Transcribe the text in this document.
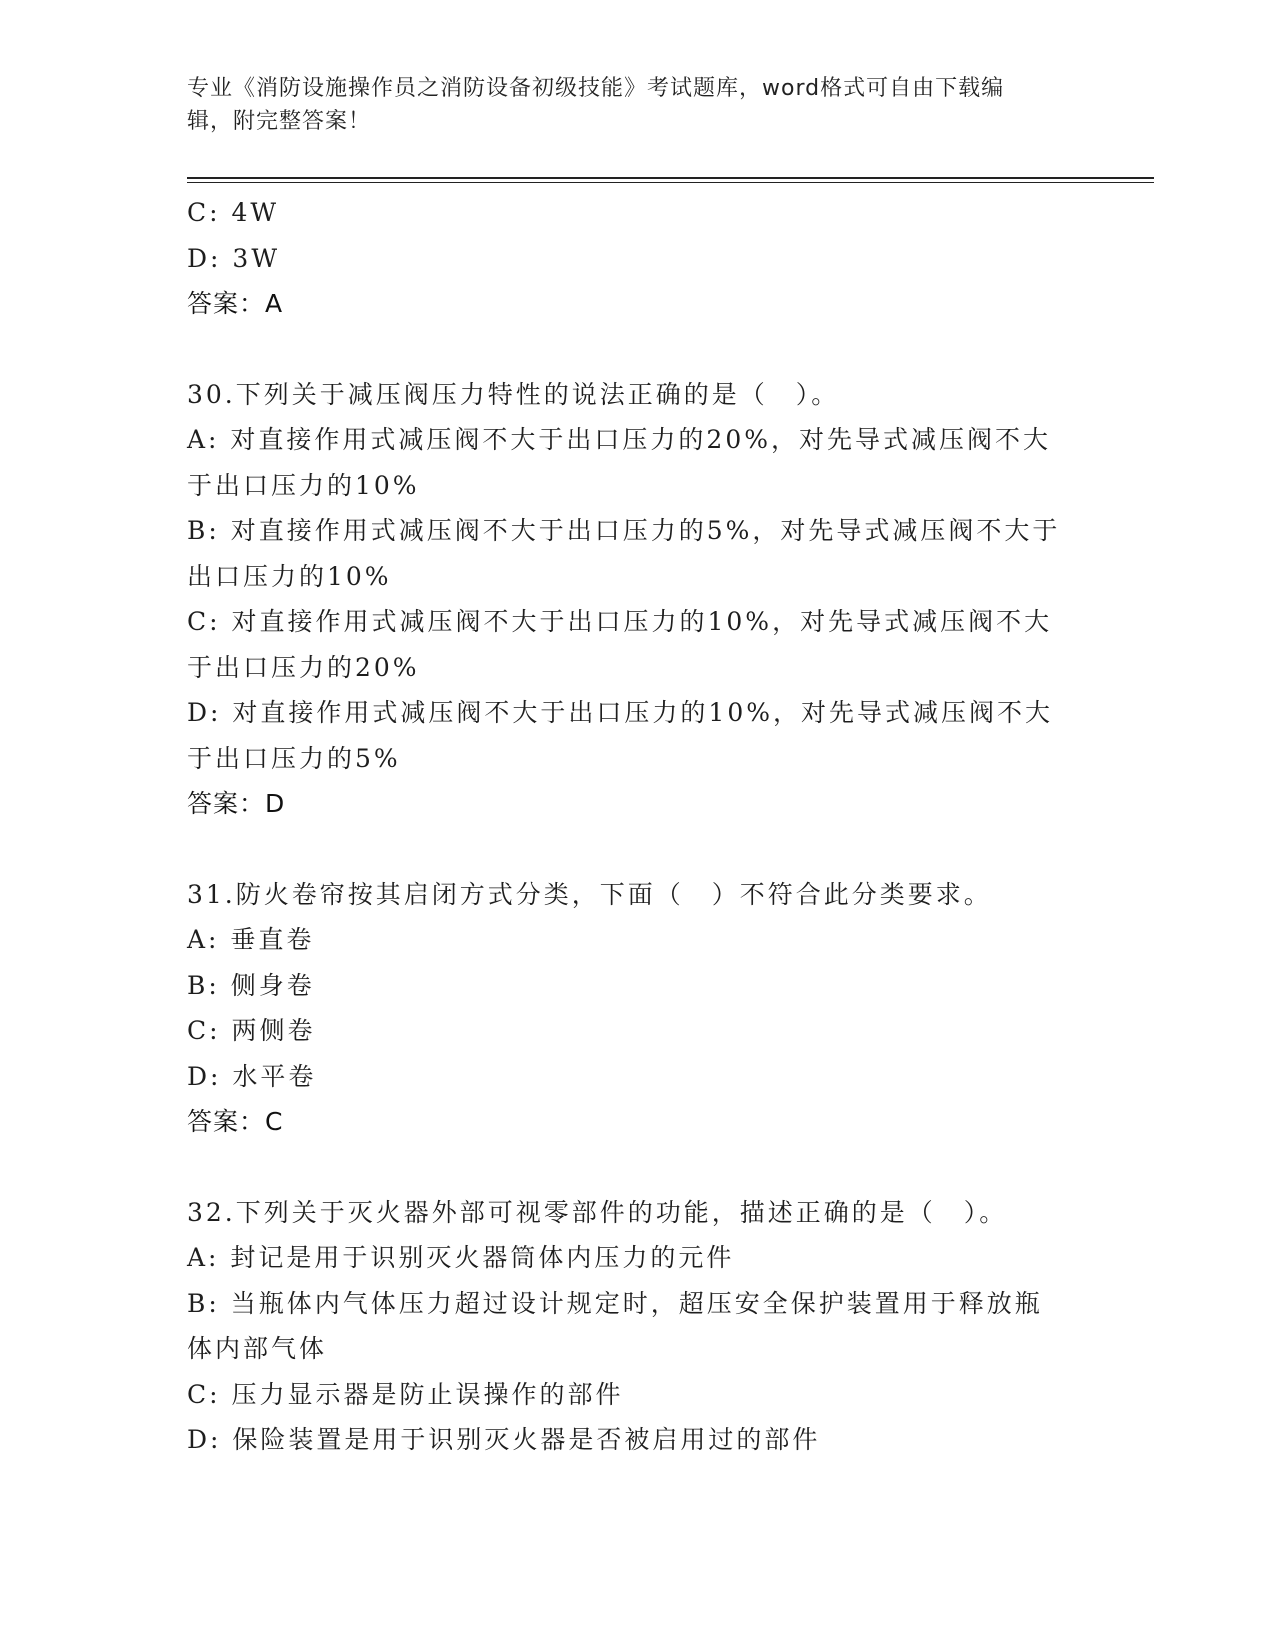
专业《消防设施操作员之消防设备初级技能》考试题库，word格式可自由下载编
辑，附完整答案！
C: 4W
D: 3W
答案：A
30.下列关于减压阀压力特性的说法正确的是（　）。
A: 对直接作用式减压阀不大于出口压力的20%，对先导式减压阀不大
于出口压力的10%
B: 对直接作用式减压阀不大于出口压力的5%，对先导式减压阀不大于
出口压力的10%
C: 对直接作用式减压阀不大于出口压力的10%，对先导式减压阀不大
于出口压力的20%
D: 对直接作用式减压阀不大于出口压力的10%，对先导式减压阀不大
于出口压力的5%
答案：D
31.防火卷帘按其启闭方式分类，下面（　）不符合此分类要求。
A: 垂直卷
B: 侧身卷
C: 两侧卷
D: 水平卷
答案：C
32.下列关于灭火器外部可视零部件的功能，描述正确的是（　）。
A: 封记是用于识别灭火器筒体内压力的元件
B: 当瓶体内气体压力超过设计规定时，超压安全保护装置用于释放瓶
体内部气体
C: 压力显示器是防止误操作的部件
D: 保险装置是用于识别灭火器是否被启用过的部件
